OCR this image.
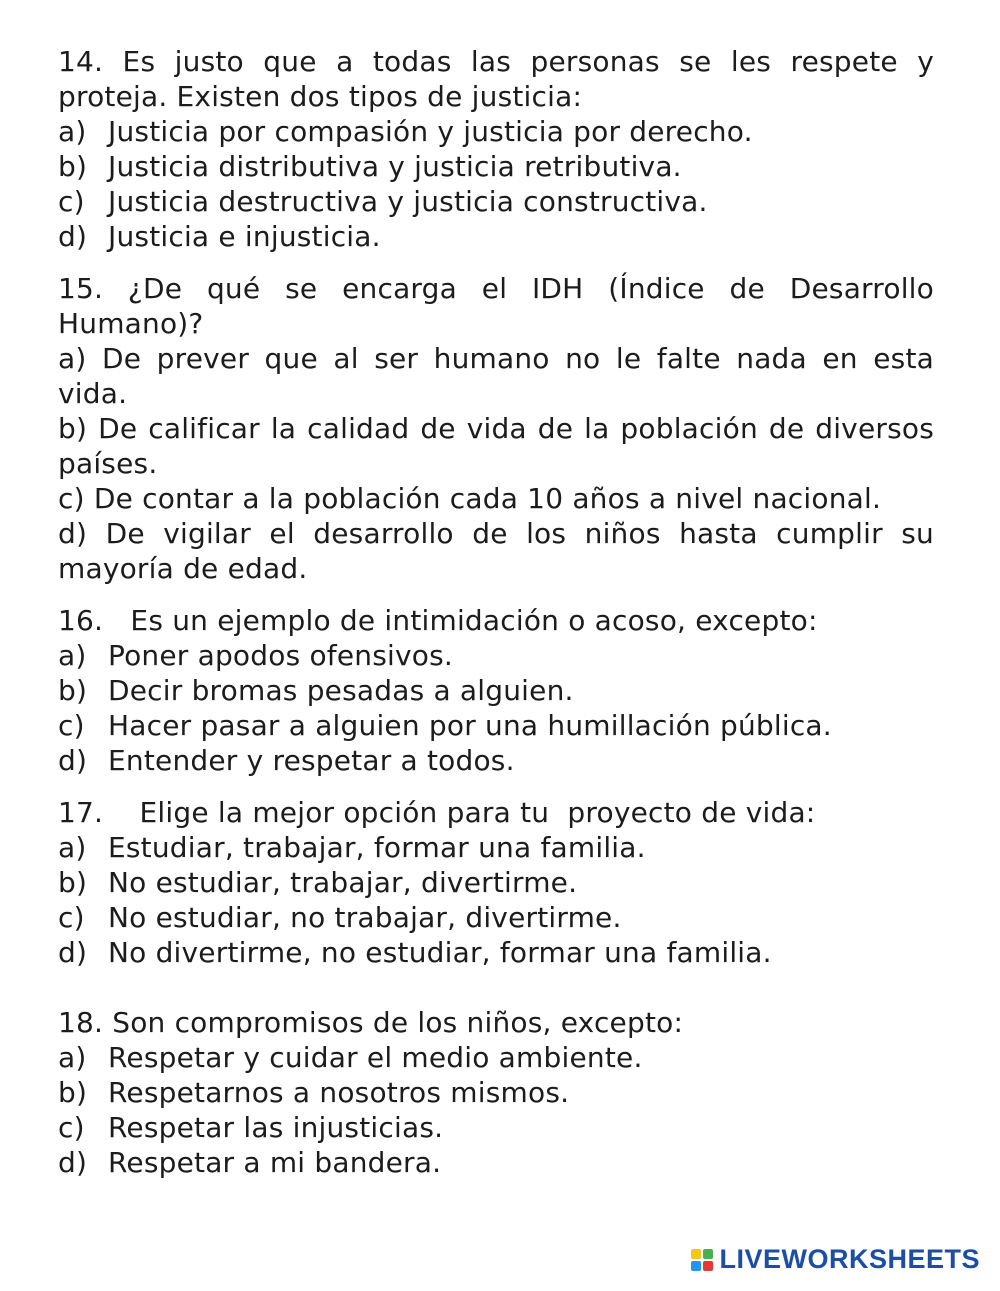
14. Es justo que a todas las personas se les respete y proteja. Existen dos tipos de justicia:
a) Justicia por compasión y justicia por derecho.
b) Justicia distributiva y justicia retributiva.
c) Justicia destructiva y justicia constructiva.
d) Justicia e injusticia.
15. ¿De qué se encarga el IDH (Índice de Desarrollo Humano)?
a) De prever que al ser humano no le falte nada en esta vida.
b) De calificar la calidad de vida de la población de diversos países.
c) De contar a la población cada 10 años a nivel nacional.
d) De vigilar el desarrollo de los niños hasta cumplir su mayoría de edad.
16.   Es un ejemplo de intimidación o acoso, excepto:
a) Poner apodos ofensivos.
b) Decir bromas pesadas a alguien.
c) Hacer pasar a alguien por una humillación pública.
d) Entender y respetar a todos.
17.    Elige la mejor opción para tu  proyecto de vida:
a) Estudiar, trabajar, formar una familia.
b) No estudiar, trabajar, divertirme.
c) No estudiar, no trabajar, divertirme.
d) No divertirme, no estudiar, formar una familia.
18. Son compromisos de los niños, excepto:
a) Respetar y cuidar el medio ambiente.
b) Respetarnos a nosotros mismos.
c) Respetar las injusticias.
d) Respetar a mi bandera.
LIVEWORKSHEETS
